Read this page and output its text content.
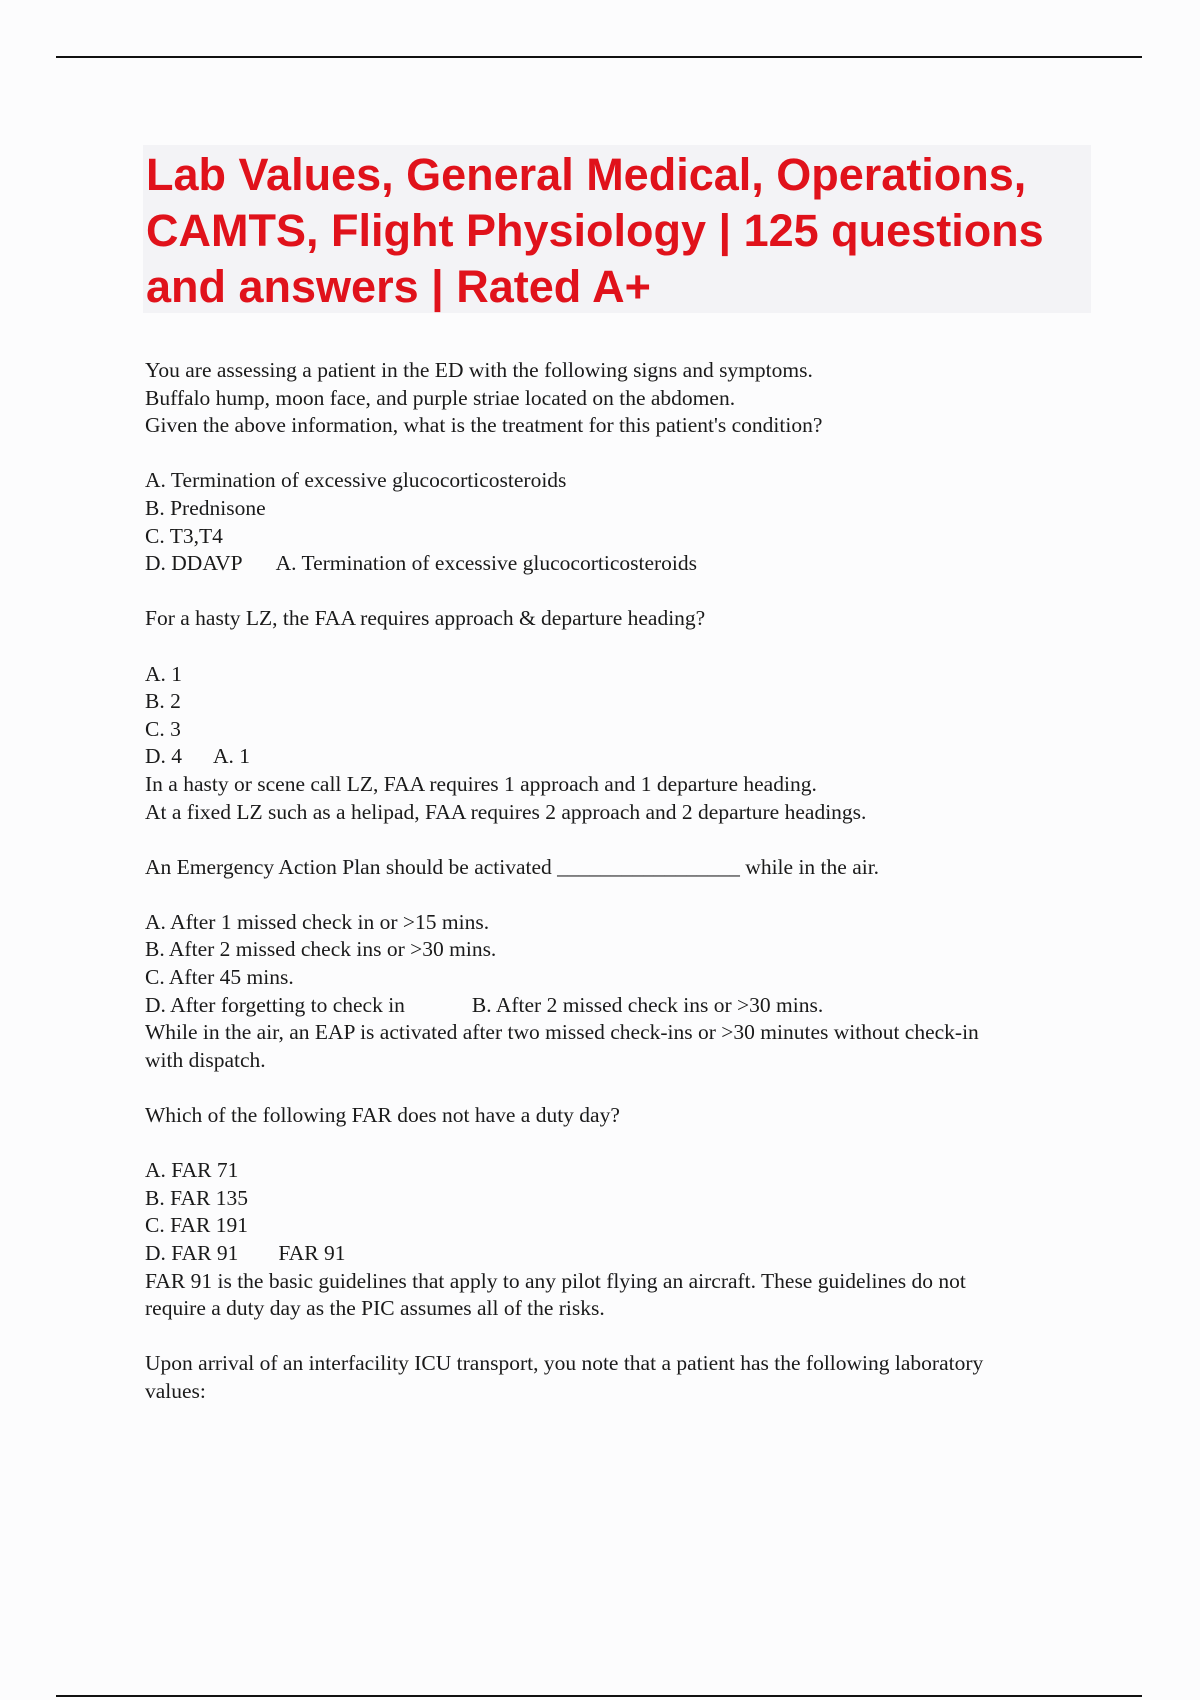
Lab Values, General Medical, Operations, CAMTS, Flight Physiology | 125 questions and answers | Rated A+
You are assessing a patient in the ED with the following signs and symptoms.
Buffalo hump, moon face, and purple striae located on the abdomen.
Given the above information, what is the treatment for this patient's condition?
A. Termination of excessive glucocorticosteroids
B. Prednisone
C. T3,T4
D. DDAVP A. Termination of excessive glucocorticosteroids
For a hasty LZ, the FAA requires approach & departure heading?
A. 1
B. 2
C. 3
D. 4 A. 1
In a hasty or scene call LZ, FAA requires 1 approach and 1 departure heading.
At a fixed LZ such as a helipad, FAA requires 2 approach and 2 departure headings.
An Emergency Action Plan should be activated _________________ while in the air.
A. After 1 missed check in or >15 mins.
B. After 2 missed check ins or >30 mins.
C. After 45 mins.
D. After forgetting to check in	B. After 2 missed check ins or >30 mins.
While in the air, an EAP is activated after two missed check-ins or >30 minutes without check-in
with dispatch.
Which of the following FAR does not have a duty day?
A. FAR 71
B. FAR 135
C. FAR 191
D. FAR 91 FAR 91
FAR 91 is the basic guidelines that apply to any pilot flying an aircraft. These guidelines do not
require a duty day as the PIC assumes all of the risks.
Upon arrival of an interfacility ICU transport, you note that a patient has the following laboratory
values:
